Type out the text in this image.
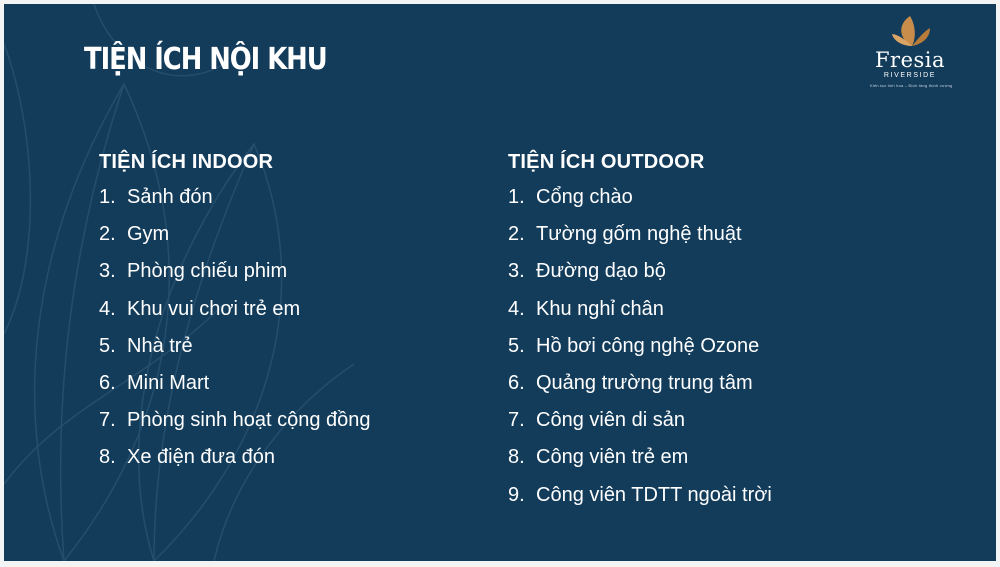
TIỆN ÍCH NỘI KHU	Fresia
RIVERSIDE
Kiến tạo tinh hoa – Định tầng thịnh vượng
TIỆN ÍCH INDOOR
1. Sảnh đón
2. Gym
3. Phòng chiếu phim
4. Khu vui chơi trẻ em
5. Nhà trẻ
6. Mini Mart
7. Phòng sinh hoạt cộng đồng
8. Xe điện đưa đón
TIỆN ÍCH OUTDOOR
1. Cổng chào
2. Tường gốm nghệ thuật
3. Đường dạo bộ
4. Khu nghỉ chân
5. Hồ bơi công nghệ Ozone
6. Quảng trường trung tâm
7. Công viên di sản
8. Công viên trẻ em
9. Công viên TDTT ngoài trời
